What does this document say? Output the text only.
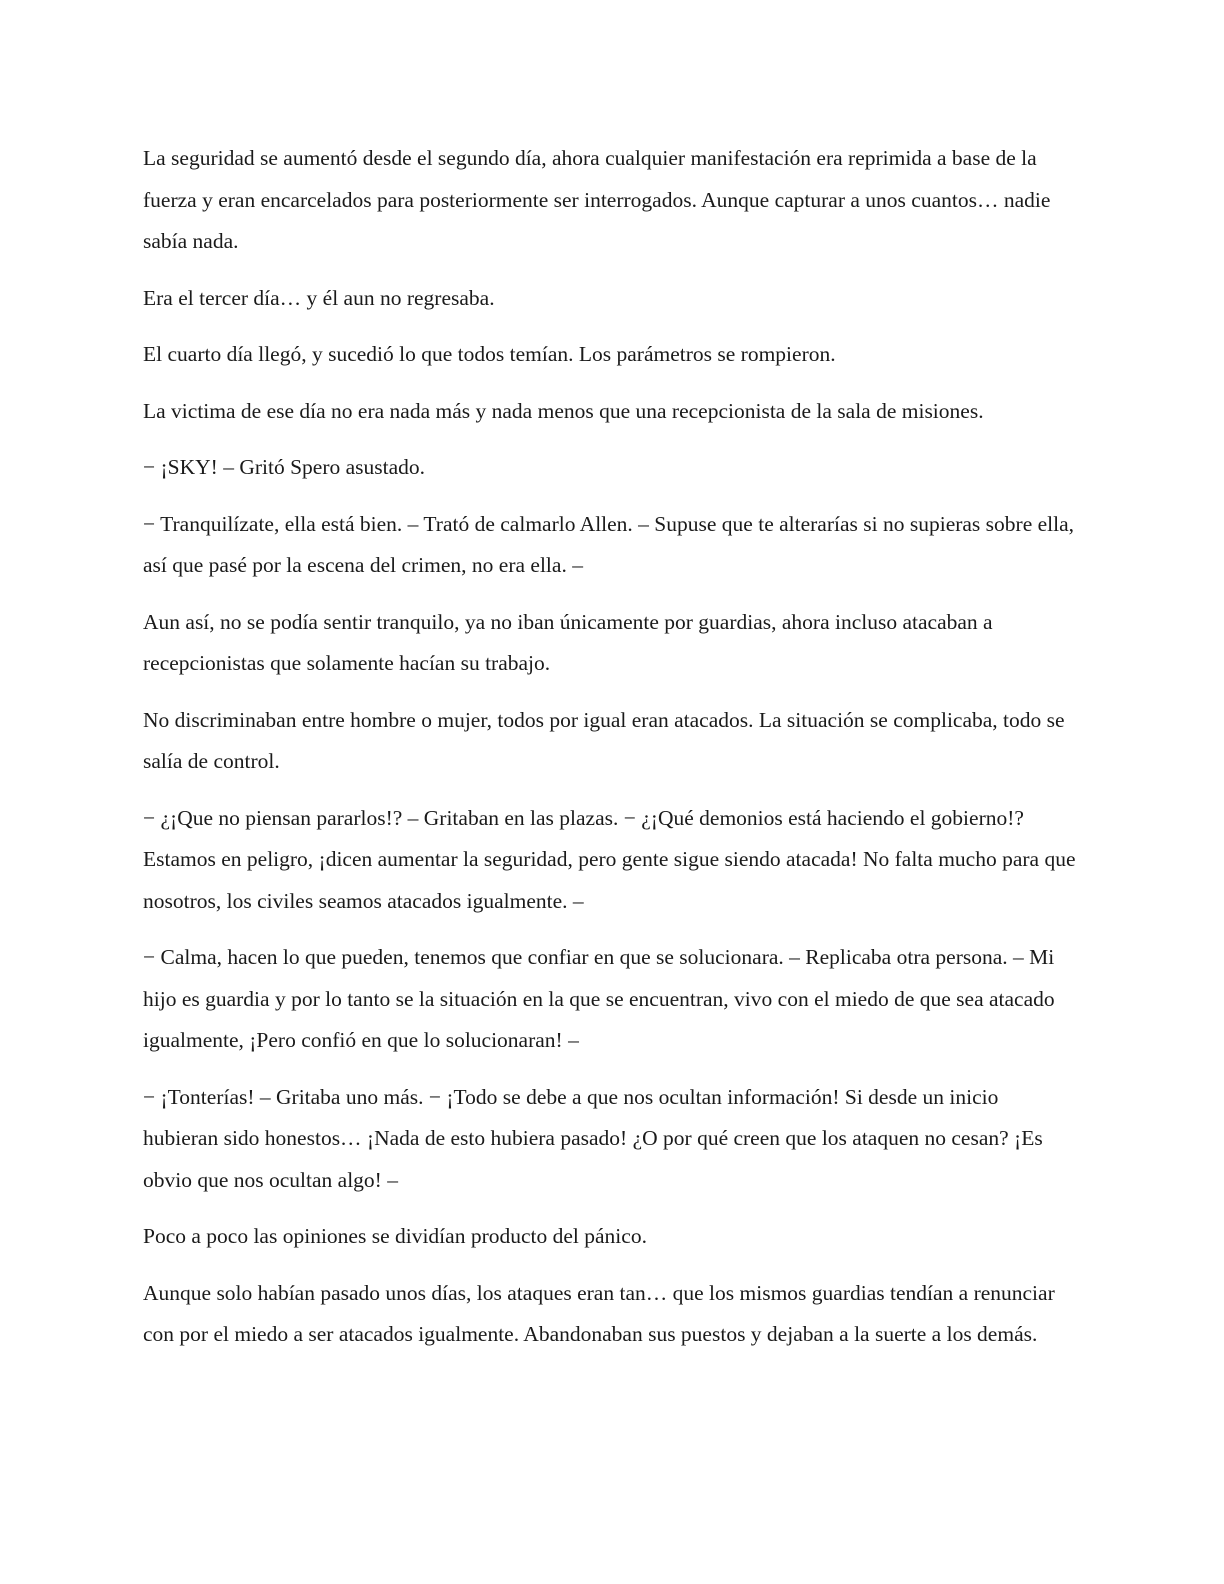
La seguridad se aumentó desde el segundo día, ahora cualquier manifestación era reprimida a base de la fuerza y eran encarcelados para posteriormente ser interrogados. Aunque capturar a unos cuantos… nadie sabía nada.

Era el tercer día… y él aun no regresaba.

El cuarto día llegó, y sucedió lo que todos temían. Los parámetros se rompieron.

La victima de ese día no era nada más y nada menos que una recepcionista de la sala de misiones.

− ¡SKY! – Gritó Spero asustado.

− Tranquilízate, ella está bien. – Trató de calmarlo Allen. – Supuse que te alterarías si no supieras sobre ella, así que pasé por la escena del crimen, no era ella. –

Aun así, no se podía sentir tranquilo, ya no iban únicamente por guardias, ahora incluso atacaban a recepcionistas que solamente hacían su trabajo.

No discriminaban entre hombre o mujer, todos por igual eran atacados. La situación se complicaba, todo se salía de control.

− ¿¡Que no piensan pararlos!? – Gritaban en las plazas. − ¿¡Qué demonios está haciendo el gobierno!? Estamos en peligro, ¡dicen aumentar la seguridad, pero gente sigue siendo atacada! No falta mucho para que nosotros, los civiles seamos atacados igualmente. –

− Calma, hacen lo que pueden, tenemos que confiar en que se solucionara. – Replicaba otra persona. – Mi hijo es guardia y por lo tanto se la situación en la que se encuentran, vivo con el miedo de que sea atacado igualmente, ¡Pero confió en que lo solucionaran! –

− ¡Tonterías! – Gritaba uno más. − ¡Todo se debe a que nos ocultan información! Si desde un inicio hubieran sido honestos… ¡Nada de esto hubiera pasado! ¿O por qué creen que los ataquen no cesan? ¡Es obvio que nos ocultan algo! –

Poco a poco las opiniones se dividían producto del pánico.

Aunque solo habían pasado unos días, los ataques eran tan… que los mismos guardias tendían a renunciar con por el miedo a ser atacados igualmente. Abandonaban sus puestos y dejaban a la suerte a los demás.
